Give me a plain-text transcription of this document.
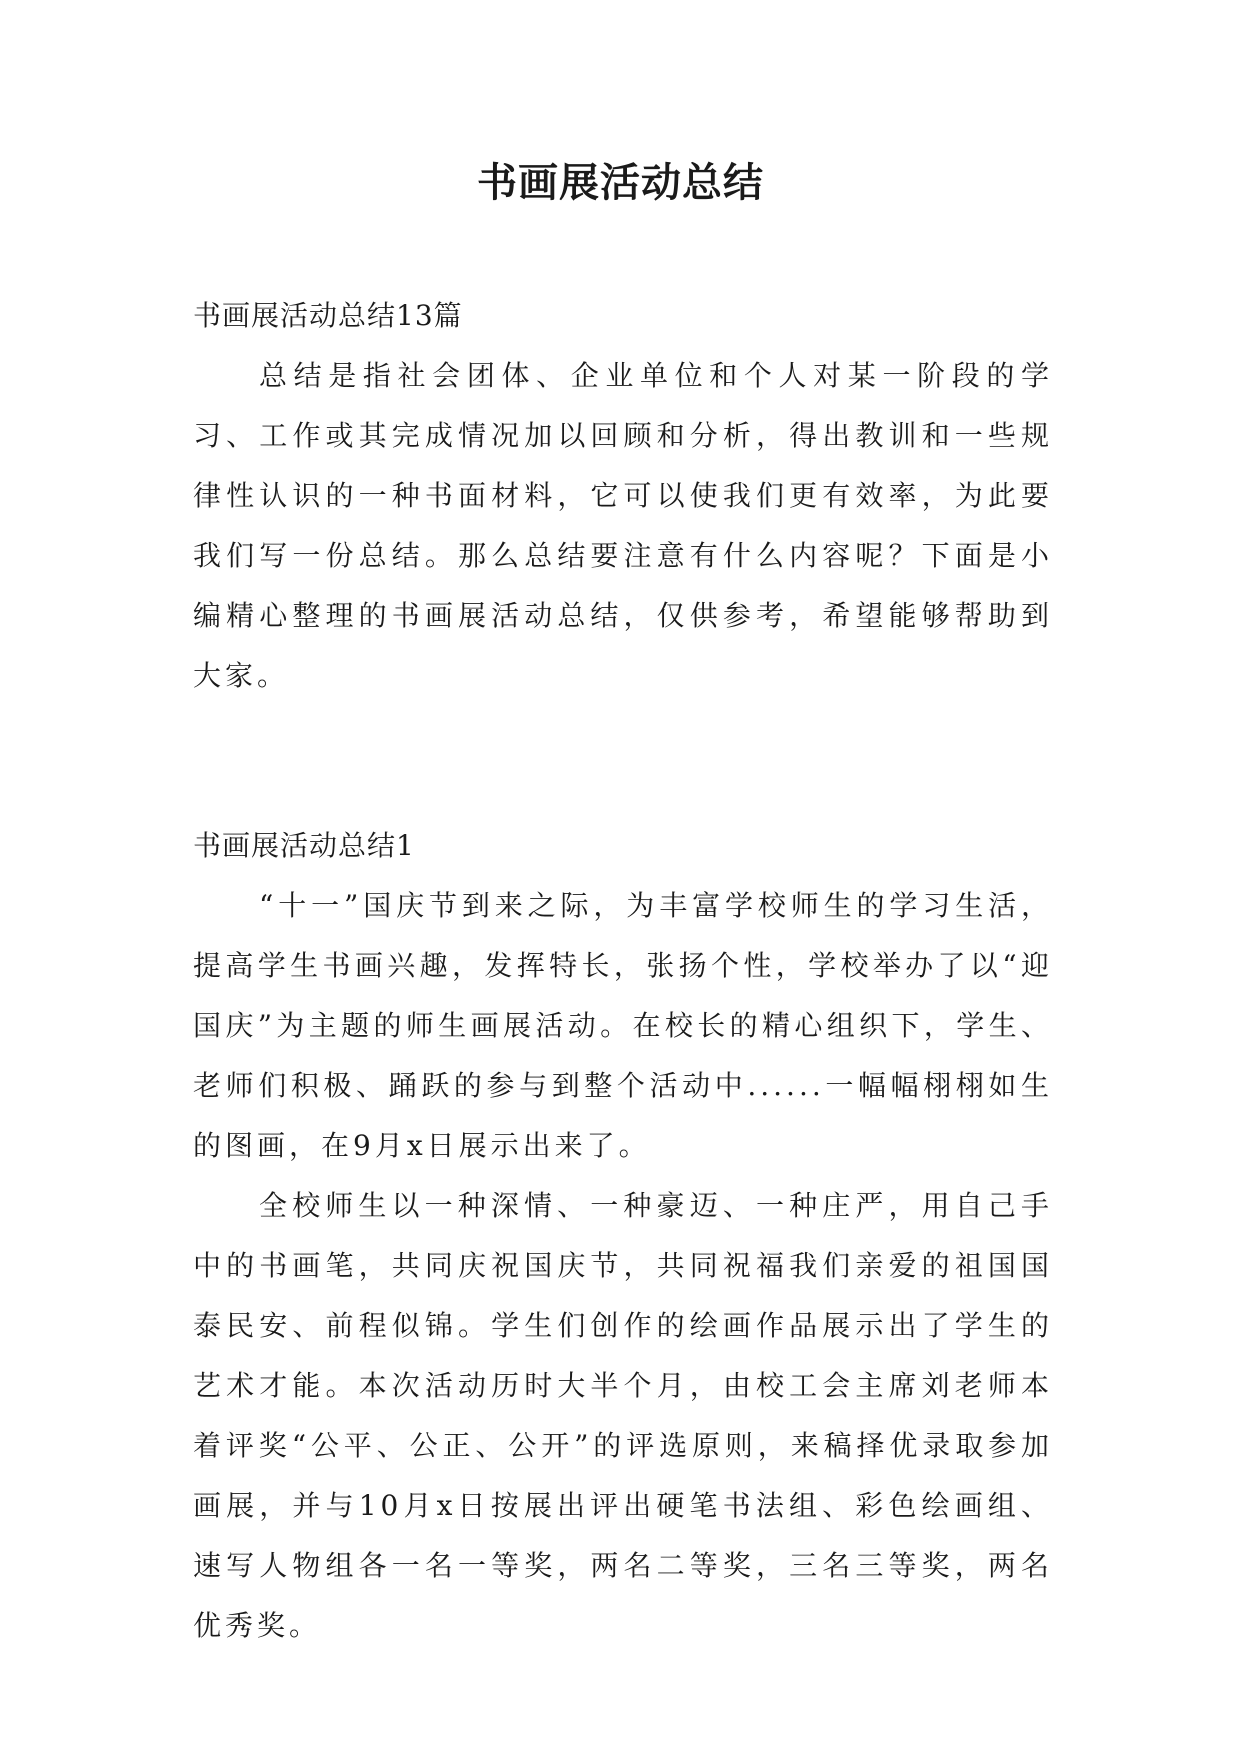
书画展活动总结

书画展活动总结13篇

总结是指社会团体、企业单位和个人对某一阶段的学习、工作或其完成情况加以回顾和分析，得出教训和一些规律性认识的一种书面材料，它可以使我们更有效率，为此要我们写一份总结。那么总结要注意有什么内容呢？下面是小编精心整理的书画展活动总结，仅供参考，希望能够帮助到大家。

书画展活动总结1

“十一”国庆节到来之际，为丰富学校师生的学习生活，提高学生书画兴趣，发挥特长，张扬个性，学校举办了以“迎国庆”为主题的师生画展活动。在校长的精心组织下，学生、老师们积极、踊跃的参与到整个活动中......一幅幅栩栩如生的图画，在9月x日展示出来了。

全校师生以一种深情、一种豪迈、一种庄严，用自己手中的书画笔，共同庆祝国庆节，共同祝福我们亲爱的祖国国泰民安、前程似锦。学生们创作的绘画作品展示出了学生的艺术才能。本次活动历时大半个月，由校工会主席刘老师本着评奖“公平、公正、公开”的评选原则，来稿择优录取参加画展，并与10月x日按展出评出硬笔书法组、彩色绘画组、速写人物组各一名一等奖，两名二等奖，三名三等奖，两名优秀奖。
